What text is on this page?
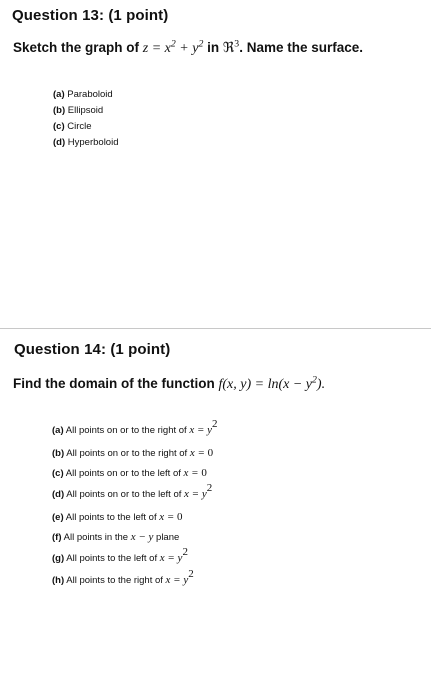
Question 13: (1 point)
Sketch the graph of $z = x^2 + y^2$ in ℜ$^3$. Name the surface.
(a) Paraboloid
(b) Ellipsoid
(c) Circle
(d) Hyperboloid
Question 14: (1 point)
Find the domain of the function f(x, $y) = \ln(x - y^2)$.
(a) All points on or to the right of $x = y^2$
(b) All points on or to the right of x = 0
(c) All points on or to the left of x = 0
(d) All points on or to the left of $x = y^2$
(e) All points to the left of x = 0
(f) All points in the x − y plane
(g) All points to the left of $x = y^2$
(h) All points to the right of $x = y^2$
